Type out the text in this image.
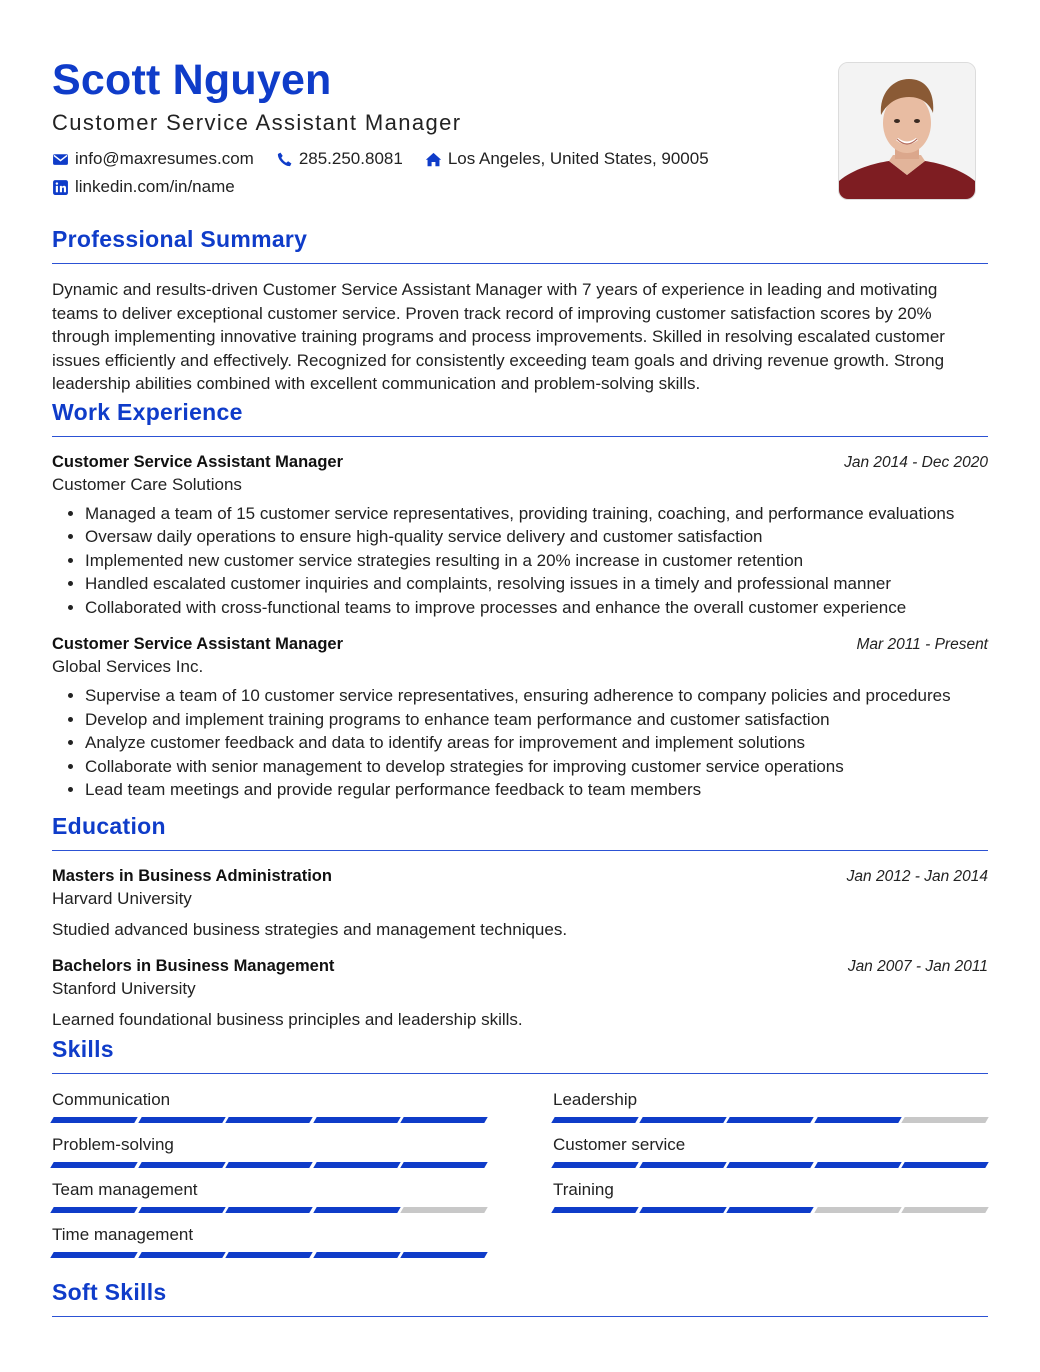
Scott Nguyen
Customer Service Assistant Manager
info@maxresumes.com	285.250.8081	Los Angeles, United States, 90005
linkedin.com/in/name
Professional Summary

Dynamic and results-driven Customer Service Assistant Manager with 7 years of experience in leading and motivating teams to deliver exceptional customer service. Proven track record of improving customer satisfaction scores by 20% through implementing innovative training programs and process improvements. Skilled in resolving escalated customer issues efficiently and effectively. Recognized for consistently exceeding team goals and driving revenue growth. Strong leadership abilities combined with excellent communication and problem-solving skills.

Work Experience
Customer Service Assistant Manager	Jan 2014 - Dec 2020
Customer Care Solutions
• Managed a team of 15 customer service representatives, providing training, coaching, and performance evaluations
• Oversaw daily operations to ensure high-quality service delivery and customer satisfaction
• Implemented new customer service strategies resulting in a 20% increase in customer retention
• Handled escalated customer inquiries and complaints, resolving issues in a timely and professional manner
• Collaborated with cross-functional teams to improve processes and enhance the overall customer experience
Customer Service Assistant Manager	Mar 2011 - Present
Global Services Inc.
• Supervise a team of 10 customer service representatives, ensuring adherence to company policies and procedures
• Develop and implement training programs to enhance team performance and customer satisfaction
• Analyze customer feedback and data to identify areas for improvement and implement solutions
• Collaborate with senior management to develop strategies for improving customer service operations
• Lead team meetings and provide regular performance feedback to team members
Education
Masters in Business Administration	Jan 2012 - Jan 2014
Harvard University
Studied advanced business strategies and management techniques.
Bachelors in Business Management	Jan 2007 - Jan 2011
Stanford University
Learned foundational business principles and leadership skills.
Skills
Communication	Leadership
Problem-solving	Customer service
Team management	Training
Time management
Soft Skills
